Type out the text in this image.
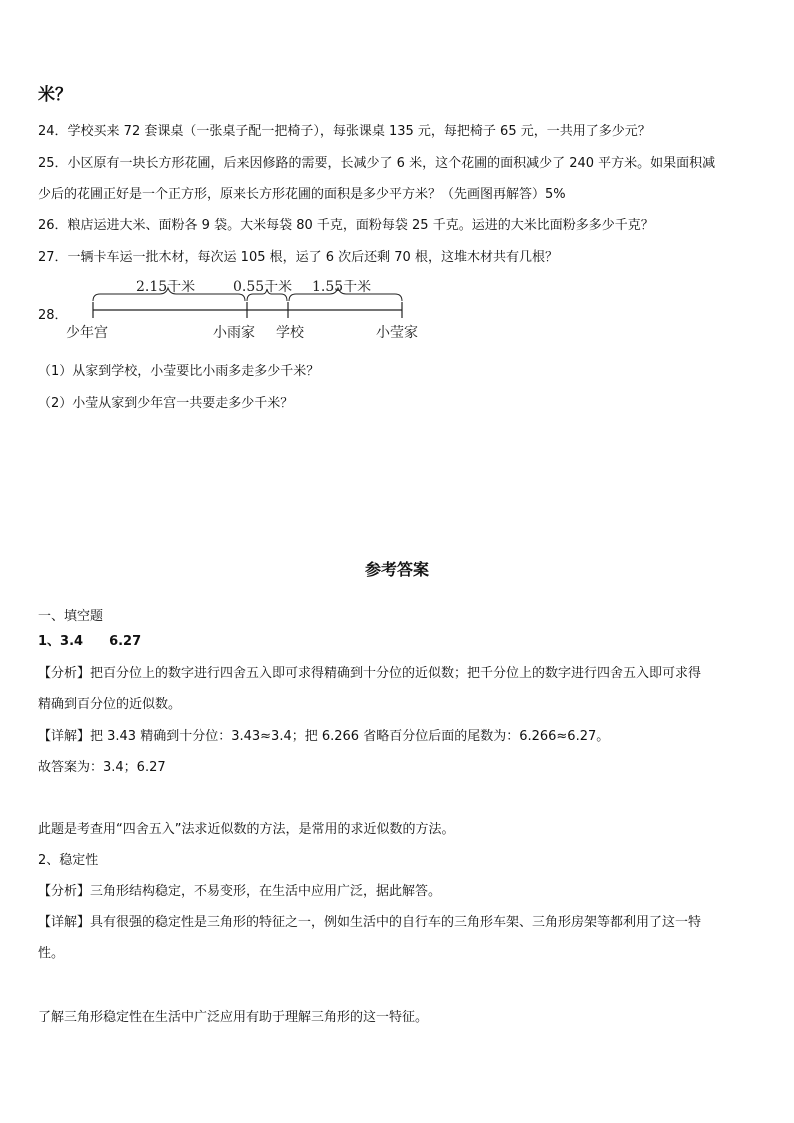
米？
24．学校买来 72 套课桌（一张桌子配一把椅子），每张课桌 135 元，每把椅子 65 元，一共用了多少元？
25．小区原有一块长方形花圃，后来因修路的需要，长减少了 6 米，这个花圃的面积减少了 240 平方米。如果面积减
少后的花圃正好是一个正方形，原来长方形花圃的面积是多少平方米？（先画图再解答）5%
26．粮店运进大米、面粉各 9 袋。大米每袋 80 千克，面粉每袋 25 千克。运进的大米比面粉多多少千克？
27．一辆卡车运一批木材，每次运 105 根，运了 6 次后还剩 70 根，这堆木材共有几根？
28．
2.15千米	0.55千米 1.55千米
少年宫	小雨家 学校	小莹家
（1）从家到学校，小莹要比小雨多走多少千米？
（2）小莹从家到少年宫一共要走多少千米？
参考答案
一、填空题
1、3.4　　6.27
【分析】把百分位上的数字进行四舍五入即可求得精确到十分位的近似数；把千分位上的数字进行四舍五入即可求得
精确到百分位的近似数。
【详解】把 3.43 精确到十分位：3.43≈3.4；把 6.266 省略百分位后面的尾数为：6.266≈6.27。
故答案为：3.4；6.27
此题是考查用“四舍五入”法求近似数的方法，是常用的求近似数的方法。
2、稳定性
【分析】三角形结构稳定，不易变形，在生活中应用广泛，据此解答。
【详解】具有很强的稳定性是三角形的特征之一，例如生活中的自行车的三角形车架、三角形房架等都利用了这一特
性。
了解三角形稳定性在生活中广泛应用有助于理解三角形的这一特征。
